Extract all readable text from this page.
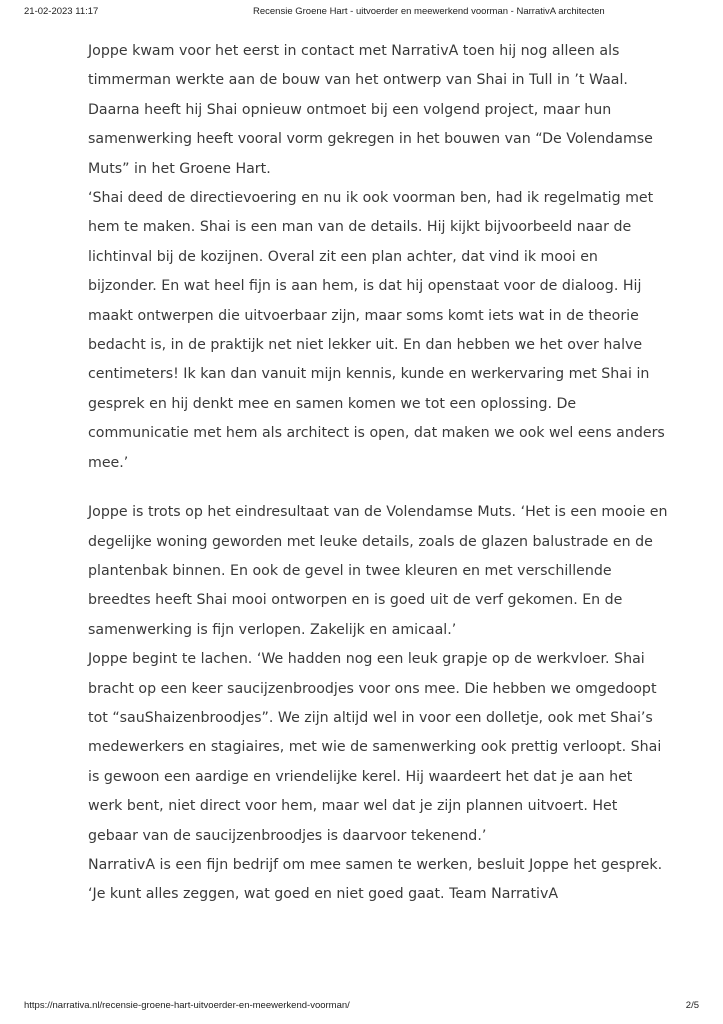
21-02-2023 11:17	Recensie Groene Hart - uitvoerder en meewerkend voorman - NarrativA architecten

Joppe kwam voor het eerst in contact met NarrativA toen hij nog alleen als timmerman werkte aan de bouw van het ontwerp van Shai in Tull in ’t Waal. Daarna heeft hij Shai opnieuw ontmoet bij een volgend project, maar hun samenwerking heeft vooral vorm gekregen in het bouwen van “De Volendamse Muts” in het Groene Hart.

‘Shai deed de directievoering en nu ik ook voorman ben, had ik regelmatig met hem te maken. Shai is een man van de details. Hij kijkt bijvoorbeeld naar de lichtinval bij de kozijnen. Overal zit een plan achter, dat vind ik mooi en bijzonder. En wat heel fijn is aan hem, is dat hij openstaat voor de dialoog. Hij maakt ontwerpen die uitvoerbaar zijn, maar soms komt iets wat in de theorie bedacht is, in de praktijk net niet lekker uit. En dan hebben we het over halve centimeters! Ik kan dan vanuit mijn kennis, kunde en werkervaring met Shai in gesprek en hij denkt mee en samen komen we tot een oplossing. De communicatie met hem als architect is open, dat maken we ook wel eens anders mee.’

Joppe is trots op het eindresultaat van de Volendamse Muts. ‘Het is een mooie en degelijke woning geworden met leuke details, zoals de glazen balustrade en de plantenbak binnen. En ook de gevel in twee kleuren en met verschillende breedtes heeft Shai mooi ontworpen en is goed uit de verf gekomen. En de samenwerking is fijn verlopen. Zakelijk en amicaal.’

Joppe begint te lachen. ‘We hadden nog een leuk grapje op de werkvloer. Shai bracht op een keer saucijzenbroodjes voor ons mee. Die hebben we omgedoopt tot “sauShaizenbroodjes”. We zijn altijd wel in voor een dolletje, ook met Shai’s medewerkers en stagiaires, met wie de samenwerking ook prettig verloopt. Shai is gewoon een aardige en vriendelijke kerel. Hij waardeert het dat je aan het werk bent, niet direct voor hem, maar wel dat je zijn plannen uitvoert. Het gebaar van de saucijzenbroodjes is daarvoor tekenend.’

NarrativA is een fijn bedrijf om mee samen te werken, besluit Joppe het gesprek. ‘Je kunt alles zeggen, wat goed en niet goed gaat. Team NarrativA

https://narrativa.nl/recensie-groene-hart-uitvoerder-en-meewerkend-voorman/	2/5
